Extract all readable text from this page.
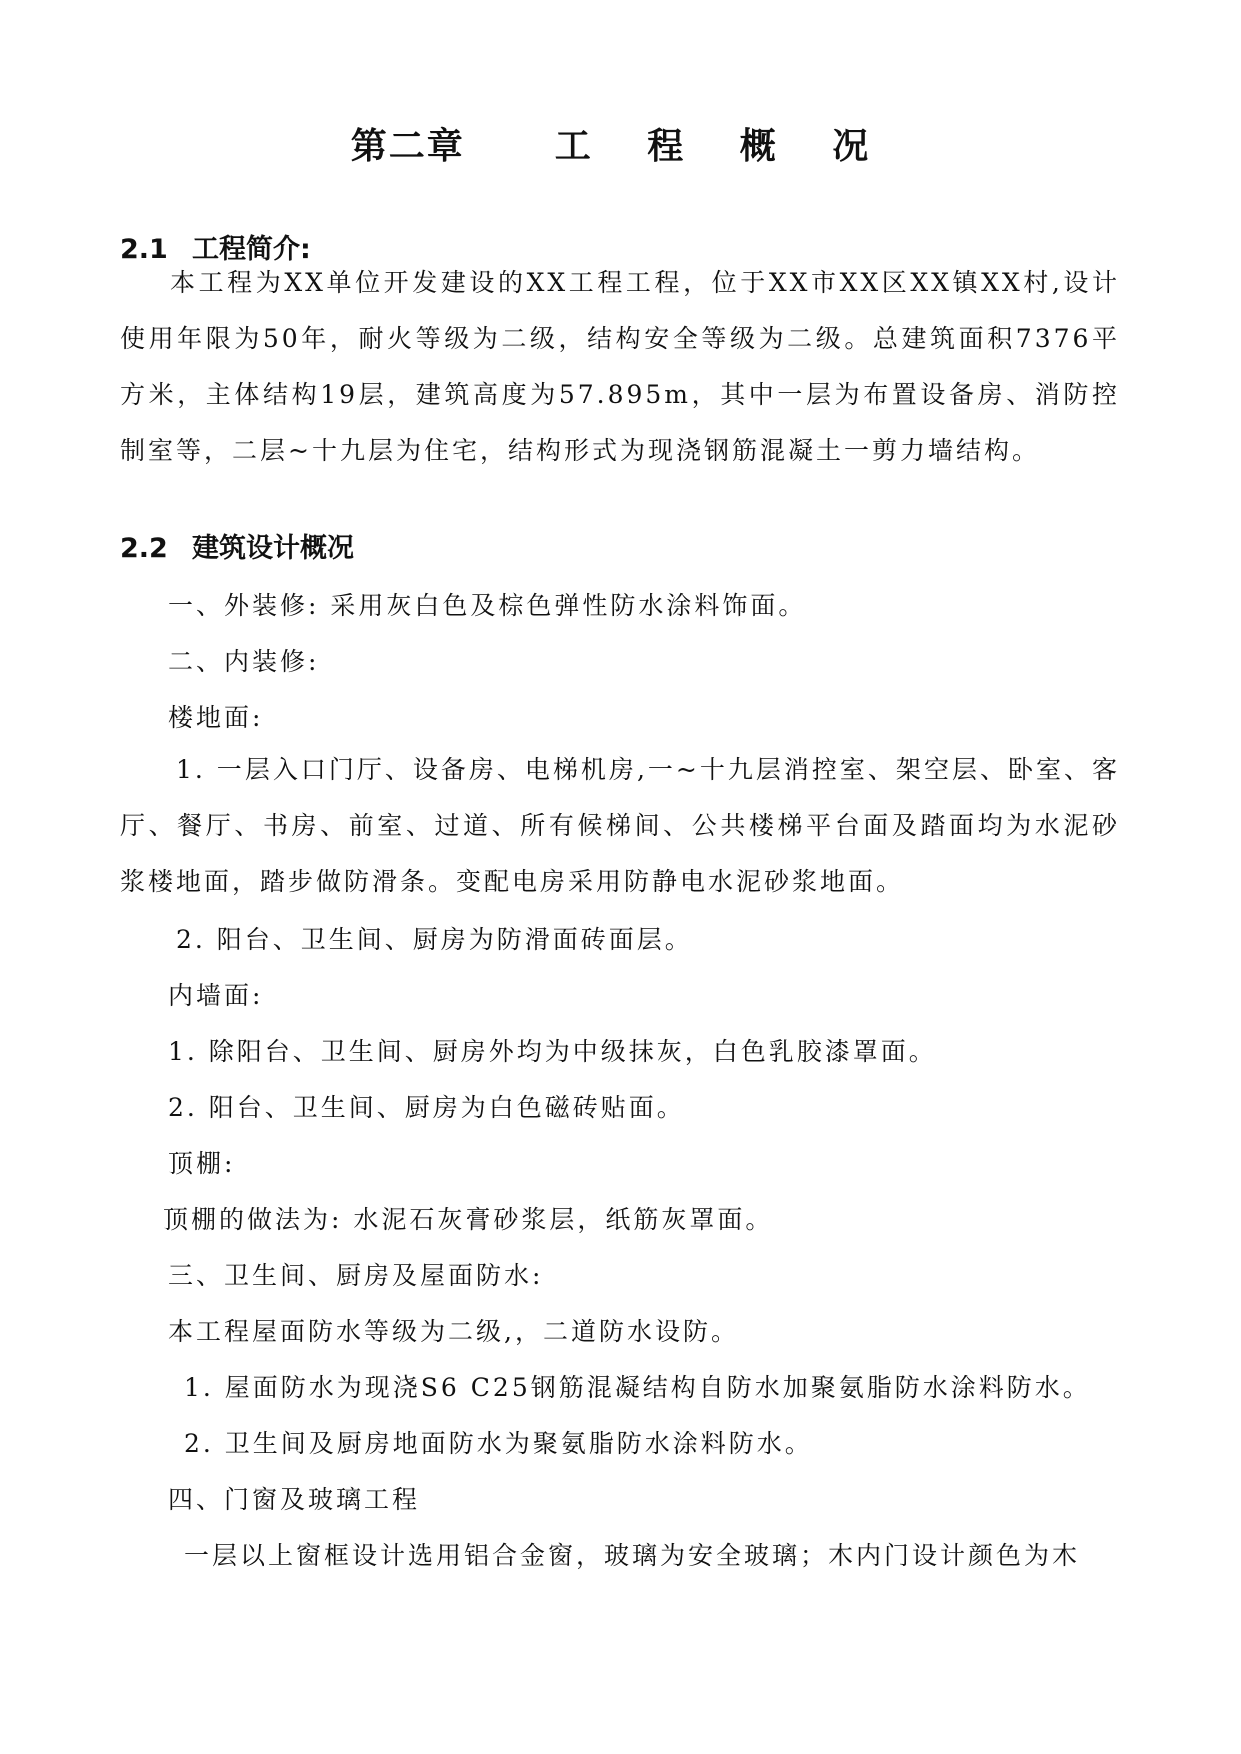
第二章	工 程 概 况
2.1 工程简介:
本工程为XX单位开发建设的XX工程工程，位于XX市XX区XX镇XX村,设计使用年限为50年，耐火等级为二级，结构安全等级为二级。总建筑面积7376平方米，主体结构19层，建筑高度为57.895m，其中一层为布置设备房、消防控制室等，二层~十九层为住宅，结构形式为现浇钢筋混凝土一剪力墙结构。
2.2 建筑设计概况
一、外装修: 采用灰白色及棕色弹性防水涂料饰面。
二、内装修:
楼地面:
1. 一层入口门厅、设备房、电梯机房,一~十九层消控室、架空层、卧室、客厅、餐厅、书房、前室、过道、所有候梯间、公共楼梯平台面及踏面均为水泥砂浆楼地面，踏步做防滑条。变配电房采用防静电水泥砂浆地面。
2. 阳台、卫生间、厨房为防滑面砖面层。
内墙面:
1. 除阳台、卫生间、厨房外均为中级抹灰，白色乳胶漆罩面。
2. 阳台、卫生间、厨房为白色磁砖贴面。
顶棚:
顶棚的做法为: 水泥石灰膏砂浆层，纸筋灰罩面。
三、卫生间、厨房及屋面防水:
本工程屋面防水等级为二级,，二道防水设防。
1. 屋面防水为现浇S6 C25钢筋混凝结构自防水加聚氨脂防水涂料防水。
2. 卫生间及厨房地面防水为聚氨脂防水涂料防水。
四、门窗及玻璃工程
一层以上窗框设计选用铝合金窗，玻璃为安全玻璃；木内门设计颜色为木
